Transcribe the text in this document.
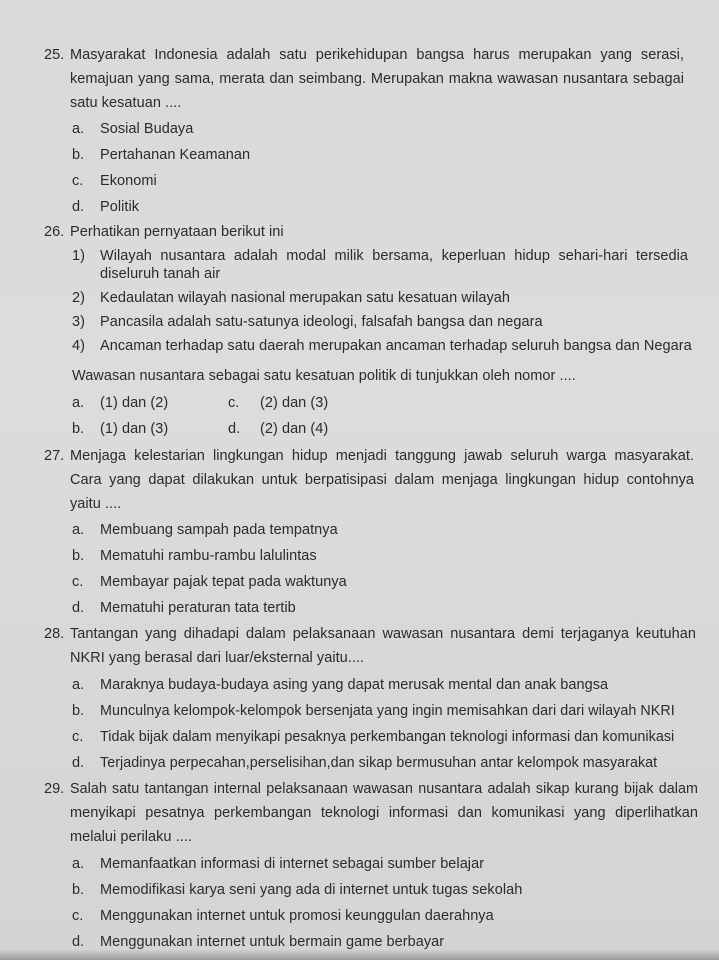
25. Masyarakat Indonesia adalah satu perikehidupan bangsa harus merupakan yang serasi,
kemajuan yang sama, merata dan seimbang. Merupakan makna wawasan nusantara sebagai
satu kesatuan ....
a. Sosial Budaya
b. Pertahanan Keamanan
c. Ekonomi
d. Politik
26. Perhatikan pernyataan berikut ini
1) Wilayah nusantara adalah modal milik bersama, keperluan hidup sehari-hari tersedia
diseluruh tanah air
2) Kedaulatan wilayah nasional merupakan satu kesatuan wilayah
3) Pancasila adalah satu-satunya ideologi, falsafah bangsa dan negara
4) Ancaman terhadap satu daerah merupakan ancaman terhadap seluruh bangsa dan Negara
Wawasan nusantara sebagai satu kesatuan politik di tunjukkan oleh nomor ....
a. (1) dan (2)	c. (2) dan (3)
b. (1) dan (3)	d. (2) dan (4)
27. Menjaga kelestarian lingkungan hidup menjadi tanggung jawab seluruh warga masyarakat.
Cara yang dapat dilakukan untuk berpatisipasi dalam menjaga lingkungan hidup contohnya
yaitu ....
a. Membuang sampah pada tempatnya
b. Mematuhi rambu-rambu lalulintas
c. Membayar pajak tepat pada waktunya
d. Mematuhi peraturan tata tertib
28. Tantangan yang dihadapi dalam pelaksanaan wawasan nusantara demi terjaganya keutuhan
NKRI yang berasal dari luar/eksternal yaitu....
a. Maraknya budaya-budaya asing yang dapat merusak mental dan anak bangsa
b. Munculnya kelompok-kelompok bersenjata yang ingin memisahkan dari dari wilayah NKRI
c. Tidak bijak dalam menyikapi pesaknya perkembangan teknologi informasi dan komunikasi
d. Terjadinya perpecahan,perselisihan,dan sikap bermusuhan antar kelompok masyarakat
29. Salah satu tantangan internal pelaksanaan wawasan nusantara adalah sikap kurang bijak dalam
menyikapi pesatnya perkembangan teknologi informasi dan komunikasi yang diperlihatkan
melalui perilaku ....
a. Memanfaatkan informasi di internet sebagai sumber belajar
b. Memodifikasi karya seni yang ada di internet untuk tugas sekolah
c. Menggunakan internet untuk promosi keunggulan daerahnya
d. Menggunakan internet untuk bermain game berbayar
